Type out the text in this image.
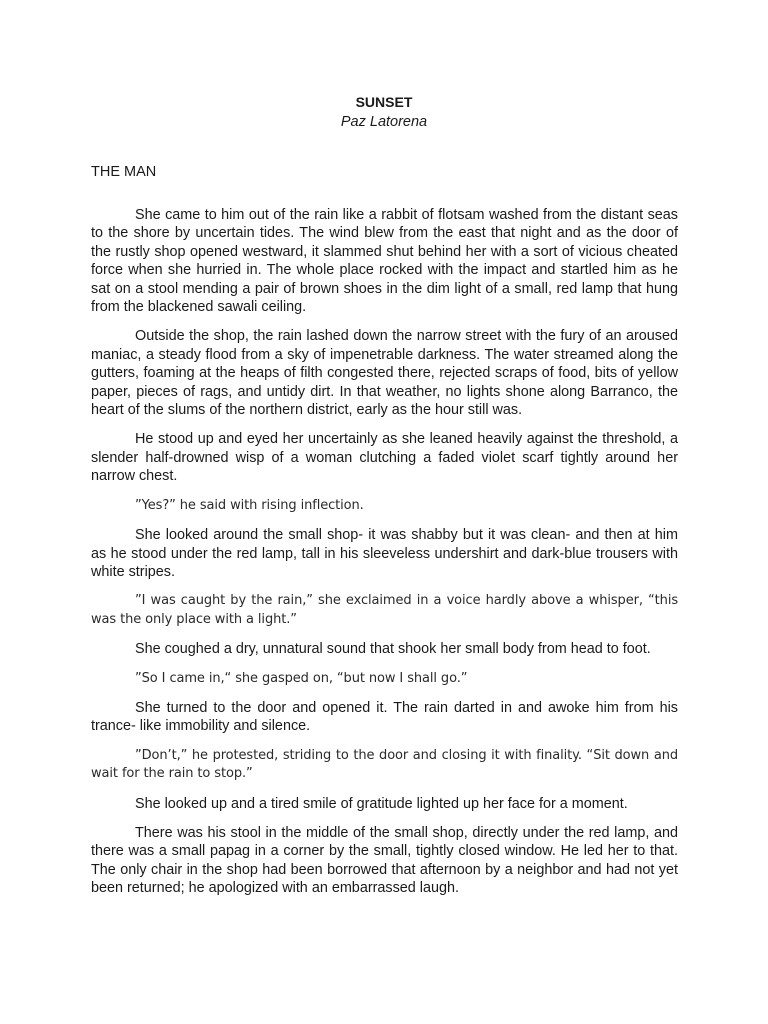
SUNSET
Paz Latorena
THE MAN

She came to him out of the rain like a rabbit of flotsam washed from the distant seas to the shore by uncertain tides. The wind blew from the east that night and as the door of the rustly shop opened westward, it slammed shut behind her with a sort of vicious cheated force when she hurried in. The whole place rocked with the impact and startled him as he sat on a stool mending a pair of brown shoes in the dim light of a small, red lamp that hung from the blackened sawali ceiling.

Outside the shop, the rain lashed down the narrow street with the fury of an aroused maniac, a steady flood from a sky of impenetrable darkness. The water streamed along the gutters, foaming at the heaps of filth congested there, rejected scraps of food, bits of yellow paper, pieces of rags, and untidy dirt. In that weather, no lights shone along Barranco, the heart of the slums of the northern district, early as the hour still was.

He stood up and eyed her uncertainly as she leaned heavily against the threshold, a slender half-drowned wisp of a woman clutching a faded violet scarf tightly around her narrow chest.

”Yes?” he said with rising inflection.

She looked around the small shop- it was shabby but it was clean- and then at him as he stood under the red lamp, tall in his sleeveless undershirt and dark-blue trousers with white stripes.

”I was caught by the rain,” she exclaimed in a voice hardly above a whisper, “this was the only place with a light.”

She coughed a dry, unnatural sound that shook her small body from head to foot.

”So I came in,“ she gasped on, “but now I shall go.”

She turned to the door and opened it. The rain darted in and awoke him from his trance- like immobility and silence.

”Don’t,” he protested, striding to the door and closing it with finality. “Sit down and wait for the rain to stop.”

She looked up and a tired smile of gratitude lighted up her face for a moment.

There was his stool in the middle of the small shop, directly under the red lamp, and there was a small papag in a corner by the small, tightly closed window. He led her to that. The only chair in the shop had been borrowed that afternoon by a neighbor and had not yet been returned; he apologized with an embarrassed laugh.
